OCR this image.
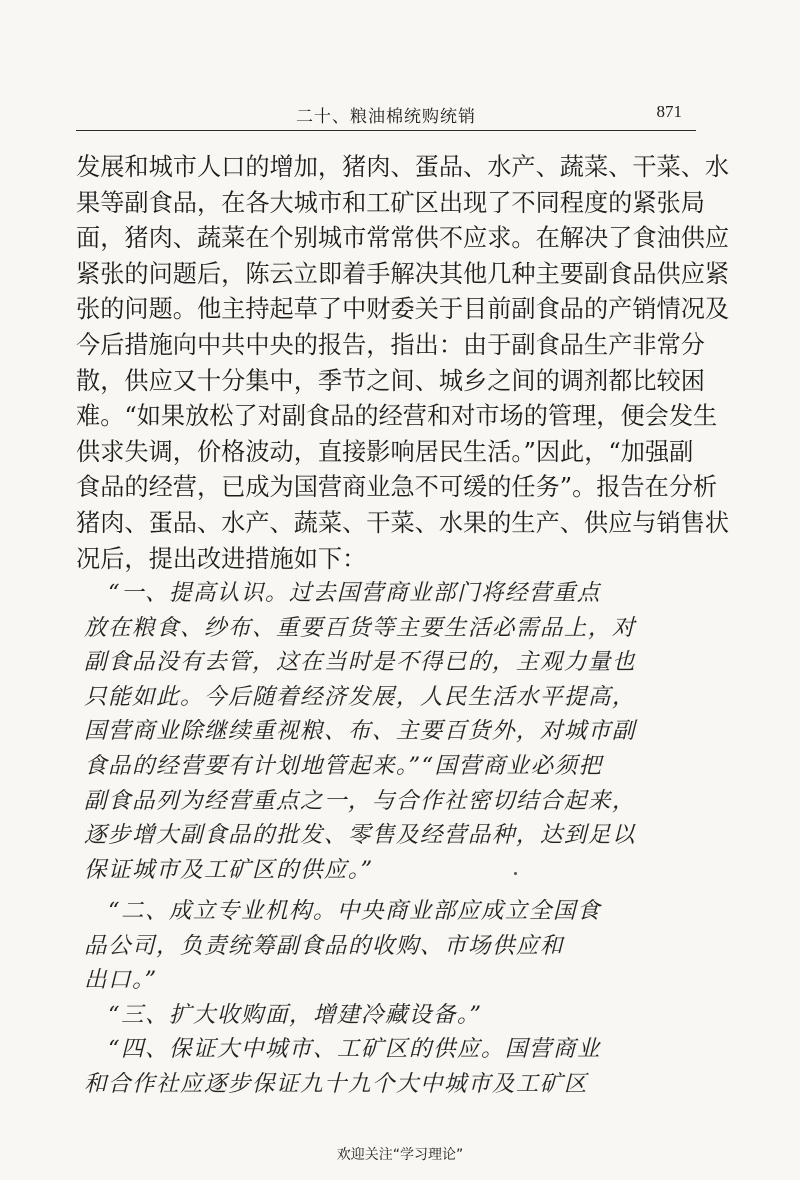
二十、粮油棉统购统销	871
发展和城市人口的增加，猪肉、蛋品、水产、蔬菜、干菜、水
果等副食品，在各大城市和工矿区出现了不同程度的紧张局
面，猪肉、蔬菜在个别城市常常供不应求。在解决了食油供应
紧张的问题后，陈云立即着手解决其他几种主要副食品供应紧
张的问题。他主持起草了中财委关于目前副食品的产销情况及
今后措施向中共中央的报告，指出：由于副食品生产非常分
散，供应又十分集中，季节之间、城乡之间的调剂都比较困
难。“如果放松了对副食品的经营和对市场的管理，便会发生
供求失调，价格波动，直接影响居民生活。”因此，“加强副
食品的经营，已成为国营商业急不可缓的任务”。报告在分析
猪肉、蛋品、水产、蔬菜、干菜、水果的生产、供应与销售状
况后，提出改进措施如下：
　“一、提高认识。过去国营商业部门将经营重点
放在粮食、纱布、重要百货等主要生活必需品上，对
副食品没有去管，这在当时是不得已的，主观力量也
只能如此。今后随着经济发展，人民生活水平提高，
国营商业除继续重视粮、布、主要百货外，对城市副
食品的经营要有计划地管起来。”“国营商业必须把
副食品列为经营重点之一，与合作社密切结合起来，
逐步增大副食品的批发、零售及经营品种，达到足以
保证城市及工矿区的供应。”
　“二、成立专业机构。中央商业部应成立全国食
品公司，负责统筹副食品的收购、市场供应和
出口。”
　“三、扩大收购面，增建冷藏设备。”
　“四、保证大中城市、工矿区的供应。国营商业
和合作社应逐步保证九十九个大中城市及工矿区
欢迎关注“学习理论”
